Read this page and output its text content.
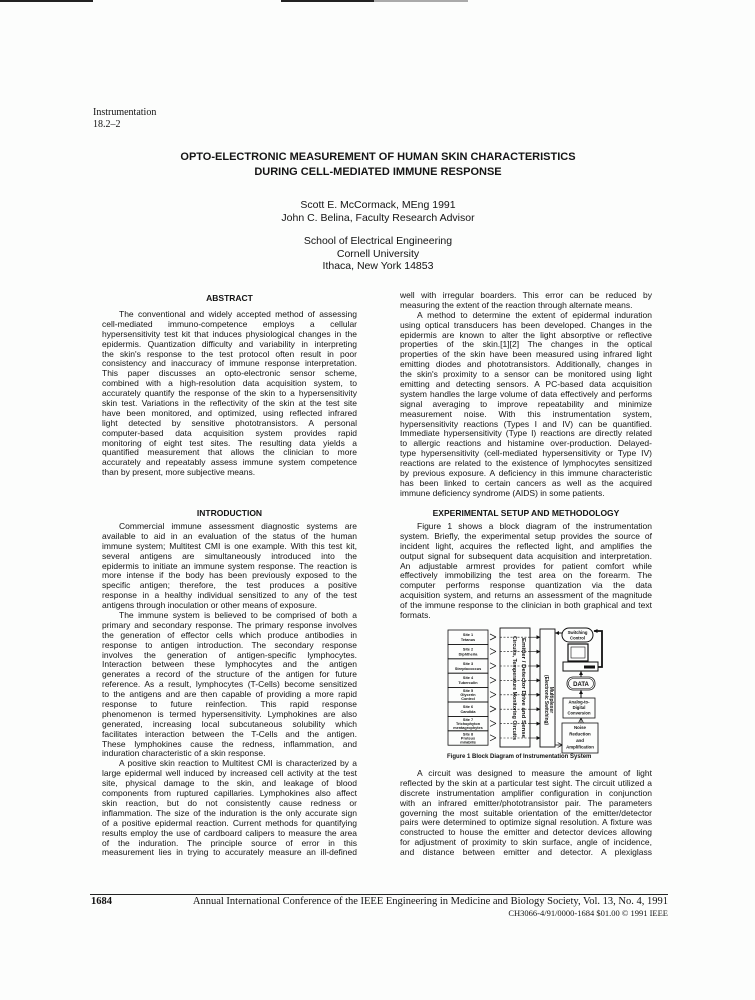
Instrumentation
18.2–2
OPTO-ELECTRONIC MEASUREMENT OF HUMAN SKIN CHARACTERISTICS
DURING CELL-MEDIATED IMMUNE RESPONSE
Scott E. McCormack, MEng 1991
John C. Belina, Faculty Research Advisor
School of Electrical Engineering
Cornell University
Ithaca, New York 14853
ABSTRACT
The conventional and widely accepted method of assessing
cell-mediated immuno-competence employs a cellular
hypersensitivity test kit that induces physiological changes in the
epidermis. Quantization difficulty and variability in interpreting
the skin's response to the test protocol often result in poor
consistency and inaccuracy of immune response interpretation.
This paper discusses an opto-electronic sensor scheme,
combined with a high-resolution data acquisition system, to
accurately quantify the response of the skin to a hypersensitivity
skin test. Variations in the reflectivity of the skin at the test site
have been monitored, and optimized, using reflected infrared
light detected by sensitive phototransistors. A personal
computer-based data acquisition system provides rapid
monitoring of eight test sites. The resulting data yields a
quantified measurement that allows the clinician to more
accurately and repeatably assess immune system competence
than by present, more subjective means.
INTRODUCTION
Commercial immune assessment diagnostic systems are
available to aid in an evaluation of the status of the human
immune system; Multitest CMI is one example. With this test kit,
several antigens are simultaneously introduced into the
epidermis to initiate an immune system response. The reaction is
more intense if the body has been previously exposed to the
specific antigen; therefore, the test produces a positive
response in a healthy individual sensitized to any of the test
antigens through inoculation or other means of exposure.
The immune system is believed to be comprised of both a
primary and secondary response. The primary response involves
the generation of effector cells which produce antibodies in
response to antigen introduction. The secondary response
involves the generation of antigen-specific lymphocytes.
Interaction between these lymphocytes and the antigen
generates a record of the structure of the antigen for future
reference. As a result, lymphocytes (T-Cells) become sensitized
to the antigens and are then capable of providing a more rapid
response to future reinfection. This rapid response
phenomenon is termed hypersensitivity. Lymphokines are also
generated, increasing local subcutaneous solubility which
facilitates interaction between the T-Cells and the antigen.
These lymphokines cause the redness, inflammation, and
induration characteristic of a skin response.
A positive skin reaction to Multitest CMI is characterized by a
large epidermal well induced by increased cell activity at the test
site, physical damage to the skin, and leakage of blood
components from ruptured capillaries. Lymphokines also affect
skin reaction, but do not consistently cause redness or
inflammation. The size of the induration is the only accurate sign
of a positive epidermal reaction. Current methods for quantifying
results employ the use of cardboard calipers to measure the area
of the induration. The principle source of error in this
measurement lies in trying to accurately measure an ill-defined
well with irregular boarders. This error can be reduced by
measuring the extent of the reaction through alternate means.
A method to determine the extent of epidermal induration
using optical transducers has been developed. Changes in the
epidermis are known to alter the light absorptive or reflective
properties of the skin.[1][2] The changes in the optical
properties of the skin have been measured using infrared light
emitting diodes and phototransistors. Additionally, changes in
the skin's proximity to a sensor can be monitored using light
emitting and detecting sensors. A PC-based data acquisition
system handles the large volume of data effectively and performs
signal averaging to improve repeatability and minimize
measurement noise. With this instrumentation system,
hypersensitivity reactions (Types I and IV) can be quantified.
Immediate hypersensitivity (Type I) reactions are directly related
to allergic reactions and histamine over-production. Delayed-
type hypersensitivity (cell-mediated hypersensitivity or Type IV)
reactions are related to the existence of lymphocytes sensitized
by previous exposure. A deficiency in this immune characteristic
has been linked to certain cancers as well as the acquired
immune deficiency syndrome (AIDS) in some patients.
EXPERIMENTAL SETUP AND METHODOLOGY
Figure 1 shows a block diagram of the instrumentation
system. Briefly, the experimental setup provides the source of
incident light, acquires the reflected light, and amplifies the
output signal for subsequent data acquisition and interpretation.
An adjustable armrest provides for patient comfort while
effectively immobilizing the test area on the forearm. The
computer performs response quantization via the data
acquisition system, and returns an assessment of the magnitude
of the immune response to the clinician in both graphical and text
formats.
Site 1
Tetanus
Site 2
Diphtheria
Site 3
Streptococcus
Site 4
Tuberculin
Site 5
Glycerin
Control
Site 6
Candida
Site 7
Trichophyton
mentagrophytes
Site 8
Proteus
mirabilis
Emitter / Detector Drive and Sense
Circuits, Temperature Monitoring Circuits	Multiplexer
(Electronic Switching)
Switching
Control
DATA
Analog-to-
Digital
Conversion
Noise
Reduction
and
Amplification
Figure 1 Block Diagram of Instrumentation System
A circuit was designed to measure the amount of light
reflected by the skin at a particular test sight. The circuit utilized a
discrete instrumentation amplifier configuration in conjunction
with an infrared emitter/phototransistor pair. The parameters
governing the most suitable orientation of the emitter/detector
pairs were determined to optimize signal resolution. A fixture was
constructed to house the emitter and detector devices allowing
for adjustment of proximity to skin surface, angle of incidence,
and distance between emitter and detector. A plexiglass
1684	Annual International Conference of the IEEE Engineering in Medicine and Biology Society, Vol. 13, No. 4, 1991
CH3066-4/91/0000-1684 $01.00 © 1991 IEEE
